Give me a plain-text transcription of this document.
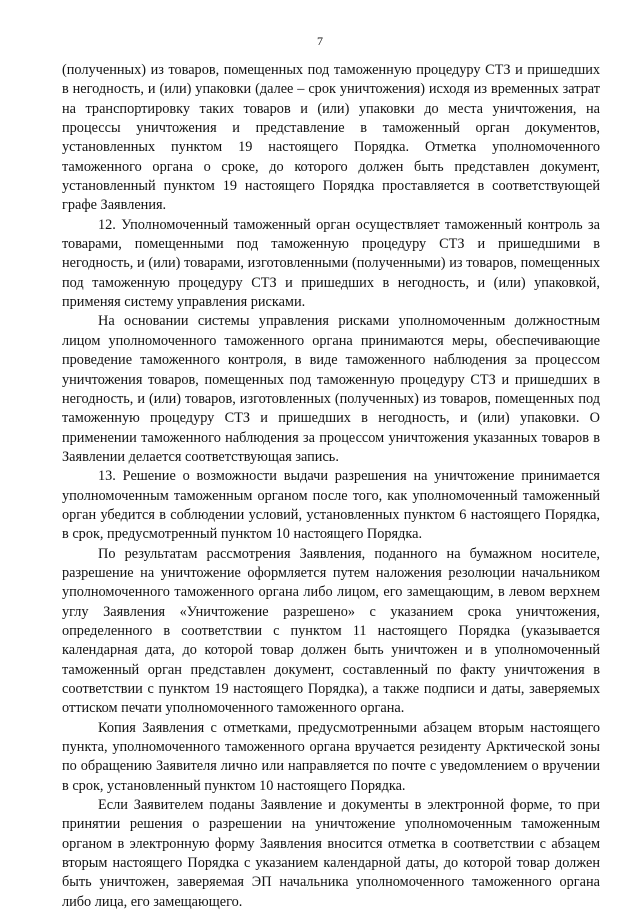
7

(полученных) из товаров, помещенных под таможенную процедуру СТЗ и пришедших в негодность, и (или) упаковки (далее – срок уничтожения) исходя из временных затрат на транспортировку таких товаров и (или) упаковки до места уничтожения, на процессы уничтожения и представление в таможенный орган документов, установленных пунктом 19 настоящего Порядка. Отметка уполномоченного таможенного органа о сроке, до которого должен быть представлен документ, установленный пунктом 19 настоящего Порядка проставляется в соответствующей графе Заявления.

12. Уполномоченный таможенный орган осуществляет таможенный контроль за товарами, помещенными под таможенную процедуру СТЗ и пришедшими в негодность, и (или) товарами, изготовленными (полученными) из товаров, помещенных под таможенную процедуру СТЗ и пришедших в негодность, и (или) упаковкой, применяя систему управления рисками.

На основании системы управления рисками уполномоченным должностным лицом уполномоченного таможенного органа принимаются меры, обеспечивающие проведение таможенного контроля, в виде таможенного наблюдения за процессом уничтожения товаров, помещенных под таможенную процедуру СТЗ и пришедших в негодность, и (или) товаров, изготовленных (полученных) из товаров, помещенных под таможенную процедуру СТЗ и пришедших в негодность, и (или) упаковки. О применении таможенного наблюдения за процессом уничтожения указанных товаров в Заявлении делается соответствующая запись.

13. Решение о возможности выдачи разрешения на уничтожение принимается уполномоченным таможенным органом после того, как уполномоченный таможенный орган убедится в соблюдении условий, установленных пунктом 6 настоящего Порядка, в срок, предусмотренный пунктом 10 настоящего Порядка.

По результатам рассмотрения Заявления, поданного на бумажном носителе, разрешение на уничтожение оформляется путем наложения резолюции начальником уполномоченного таможенного органа либо лицом, его замещающим, в левом верхнем углу Заявления «Уничтожение разрешено» с указанием срока уничтожения, определенного в соответствии с пунктом 11 настоящего Порядка (указывается календарная дата, до которой товар должен быть уничтожен и в уполномоченный таможенный орган представлен документ, составленный по факту уничтожения в соответствии с пунктом 19 настоящего Порядка), а также подписи и даты, заверяемых оттиском печати уполномоченного таможенного органа.

Копия Заявления с отметками, предусмотренными абзацем вторым настоящего пункта, уполномоченного таможенного органа вручается резиденту Арктической зоны по обращению Заявителя лично или направляется по почте с уведомлением о вручении в срок, установленный пунктом 10 настоящего Порядка.

Если Заявителем поданы Заявление и документы в электронной форме, то при принятии решения о разрешении на уничтожение уполномоченным таможенным органом в электронную форму Заявления вносится отметка в соответствии с абзацем вторым настоящего Порядка с указанием календарной даты, до которой товар должен быть уничтожен, заверяемая ЭП начальника уполномоченного таможенного органа либо лица, его замещающего.
